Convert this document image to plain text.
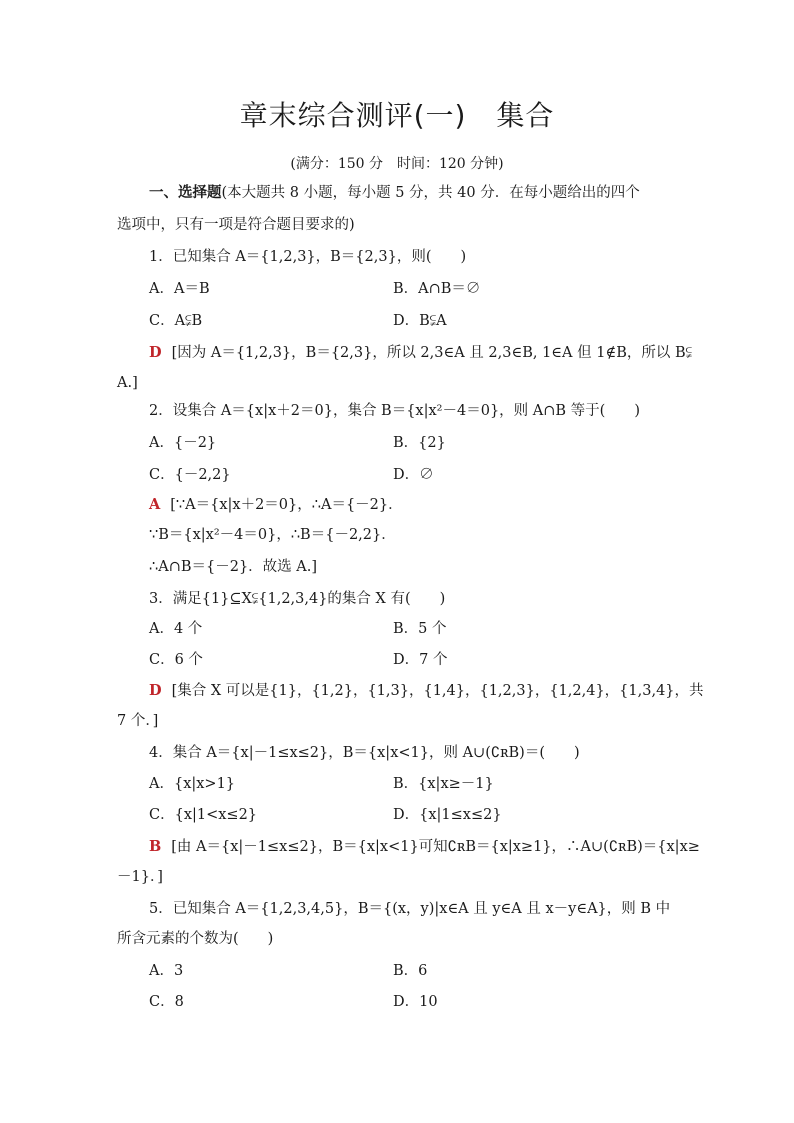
章末综合测评(一) 集合
(满分：150 分　时间：120 分钟)
一、选择题(本大题共 8 小题，每小题 5 分，共 40 分．在每小题给出的四个
选项中，只有一项是符合题目要求的)
1．已知集合 A＝{1,2,3}，B＝{2,3}，则(　　)
A．A＝B	B．A∩B＝∅
C．A⫋B	D．B⫋A
D [因为 A＝{1,2,3}，B＝{2,3}，所以 2,3∈A 且 2,3∈B, 1∈A 但 1∉B，所以 B⫋
A.]
2．设集合 A＝{x|x＋2＝0}，集合 B＝{x|x²－4＝0}，则 A∩B 等于(　　)
A．{－2}	B．{2}
C．{－2,2}	D．∅
A [∵A＝{x|x＋2＝0}，∴A＝{－2}．
∵B＝{x|x²－4＝0}，∴B＝{－2,2}．
∴A∩B＝{－2}．故选 A.]
3．满足{1}⊆X⫋{1,2,3,4}的集合 X 有(　　)
A．4 个	B．5 个
C．6 个	D．7 个
D [集合 X 可以是{1}，{1,2}，{1,3}，{1,4}，{1,2,3}，{1,2,4}，{1,3,4}，共
7 个．]
4．集合 A＝{x|－1≤x≤2}，B＝{x|x<1}，则 A∪(∁ʀB)＝(　　)
A．{x|x>1}	B．{x|x≥－1}
C．{x|1<x≤2}	D．{x|1≤x≤2}
B [由 A＝{x|－1≤x≤2}，B＝{x|x<1}可知∁ʀB＝{x|x≥1}，∴A∪(∁ʀB)＝{x|x≥
－1}．]
5．已知集合 A＝{1,2,3,4,5}，B＝{(x，y)|x∈A 且 y∈A 且 x－y∈A}，则 B 中
所含元素的个数为(　　)
A．3	B．6
C．8	D．10
